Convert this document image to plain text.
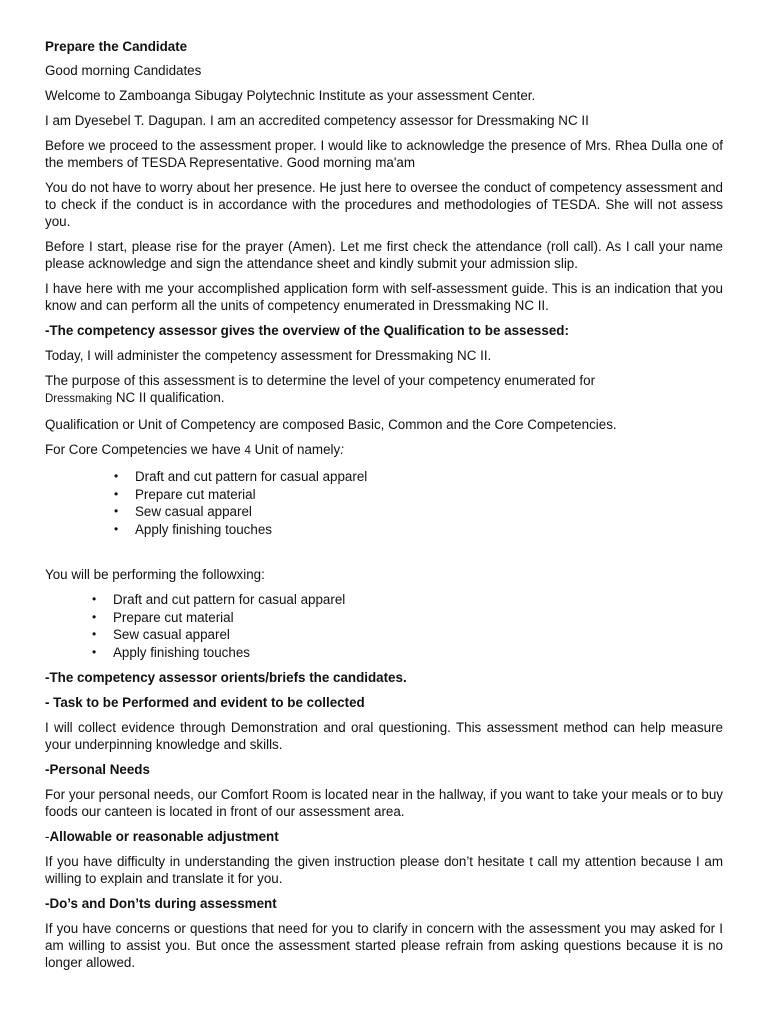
Prepare the Candidate
Good morning Candidates
Welcome to Zamboanga Sibugay Polytechnic Institute as your assessment Center.
I am Dyesebel T. Dagupan. I am an accredited competency assessor for Dressmaking NC II
Before we proceed to the assessment proper. I would like to acknowledge the presence of Mrs. Rhea Dulla one of the members of TESDA Representative. Good morning ma'am
You do not have to worry about her presence. He just here to oversee the conduct of competency assessment and to check if the conduct is in accordance with the procedures and methodologies of TESDA. She will not assess you.
Before I start, please rise for the prayer (Amen). Let me first check the attendance (roll call). As I call your name please acknowledge and sign the attendance sheet and kindly submit your admission slip.
I have here with me your accomplished application form with self-assessment guide. This is an indication that you know and can perform all the units of competency enumerated in Dressmaking NC II.
-The competency assessor gives the overview of the Qualification to be assessed:
Today, I will administer the competency assessment for Dressmaking NC II.
The purpose of this assessment is to determine the level of your competency enumerated for
Dressmaking NC II qualification.
Qualification or Unit of Competency are composed Basic, Common and the Core Competencies.
For Core Competencies we have 4 Unit of namely:
• Draft and cut pattern for casual apparel
• Prepare cut material
• Sew casual apparel
• Apply finishing touches
You will be performing the followxing:
• Draft and cut pattern for casual apparel
• Prepare cut material
• Sew casual apparel
• Apply finishing touches
-The competency assessor orients/briefs the candidates.
- Task to be Performed and evident to be collected
I will collect evidence through Demonstration and oral questioning. This assessment method can help measure your underpinning knowledge and skills.
-Personal Needs
For your personal needs, our Comfort Room is located near in the hallway, if you want to take your meals or to buy foods our canteen is located in front of our assessment area.
-Allowable or reasonable adjustment
If you have difficulty in understanding the given instruction please don’t hesitate t call my attention because I am willing to explain and translate it for you.
-Do’s and Don’ts during assessment
If you have concerns or questions that need for you to clarify in concern with the assessment you may asked for I am willing to assist you. But once the assessment started please refrain from asking questions because it is no longer allowed.
